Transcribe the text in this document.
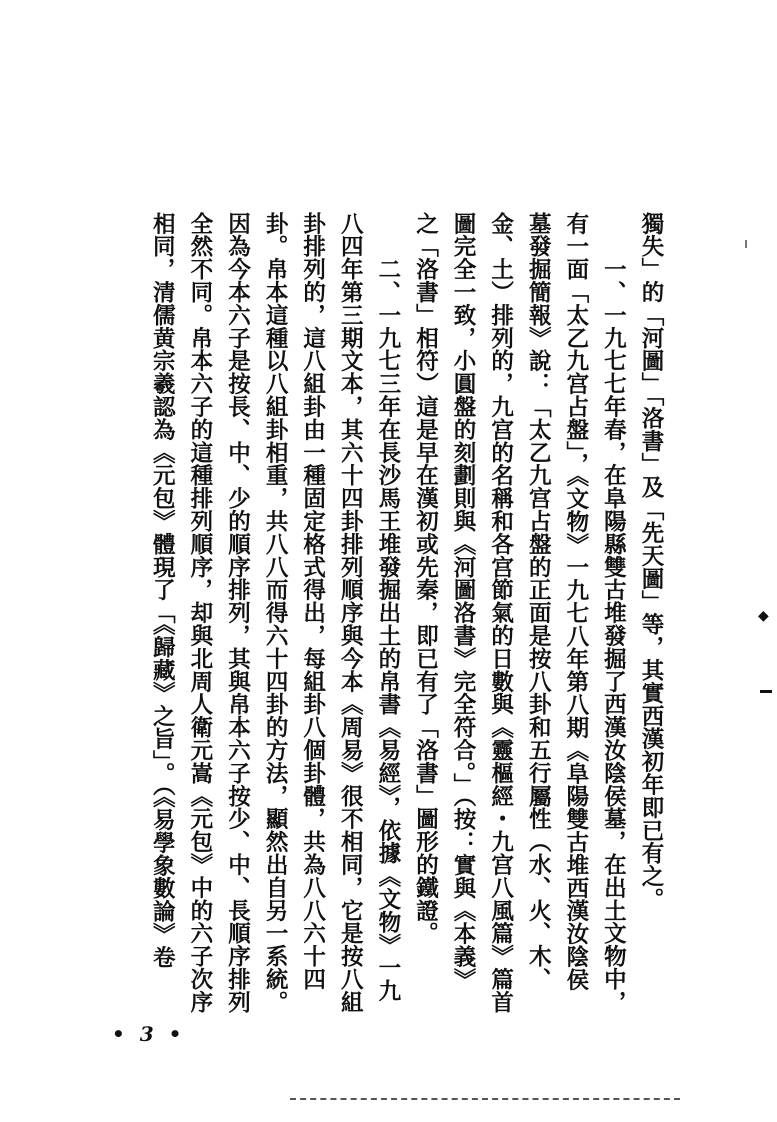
獨失」的「河圖」「洛書」及「先天圖」等，其實西漢初年即已有之。
　　一、一九七七年春，在阜陽縣雙古堆發掘了西漢汝陰侯墓，在出土文物中，
有一面「太乙九宫占盤」，《文物》一九七八年第八期《阜陽雙古堆西漢汝陰侯
墓發掘簡報》說：「太乙九宫占盤的正面是按八卦和五行屬性（水、火、木、
金、土）排列的，九宫的名稱和各宫節氣的日數與《靈樞經・九宫八風篇》篇首
圖完全一致，小圓盤的刻劃則與《河圖洛書》完全符合。」（按：實與《本義》
之「洛書」相符）這是早在漢初或先秦，即已有了「洛書」圖形的鐵證。
　　二、一九七三年在長沙馬王堆發掘出土的帛書《易經》，依據《文物》一九
八四年第三期文本，其六十四卦排列順序與今本《周易》很不相同，它是按八組
卦排列的，這八組卦由一種固定格式得出，每組卦八個卦體，共為八八六十四
卦。帛本這種以八組卦相重，共八八而得六十四卦的方法，顯然出自另一系統。
因為今本六子是按長、中、少的順序排列，其與帛本六子按少、中、長順序排列
全然不同。帛本六子的這種排列順序，却與北周人衛元嵩《元包》中的六子次序
相同，清儒黄宗羲認為《元包》體現了「《歸藏》之旨」。（《易學象數論》卷
• 3 •
◆
